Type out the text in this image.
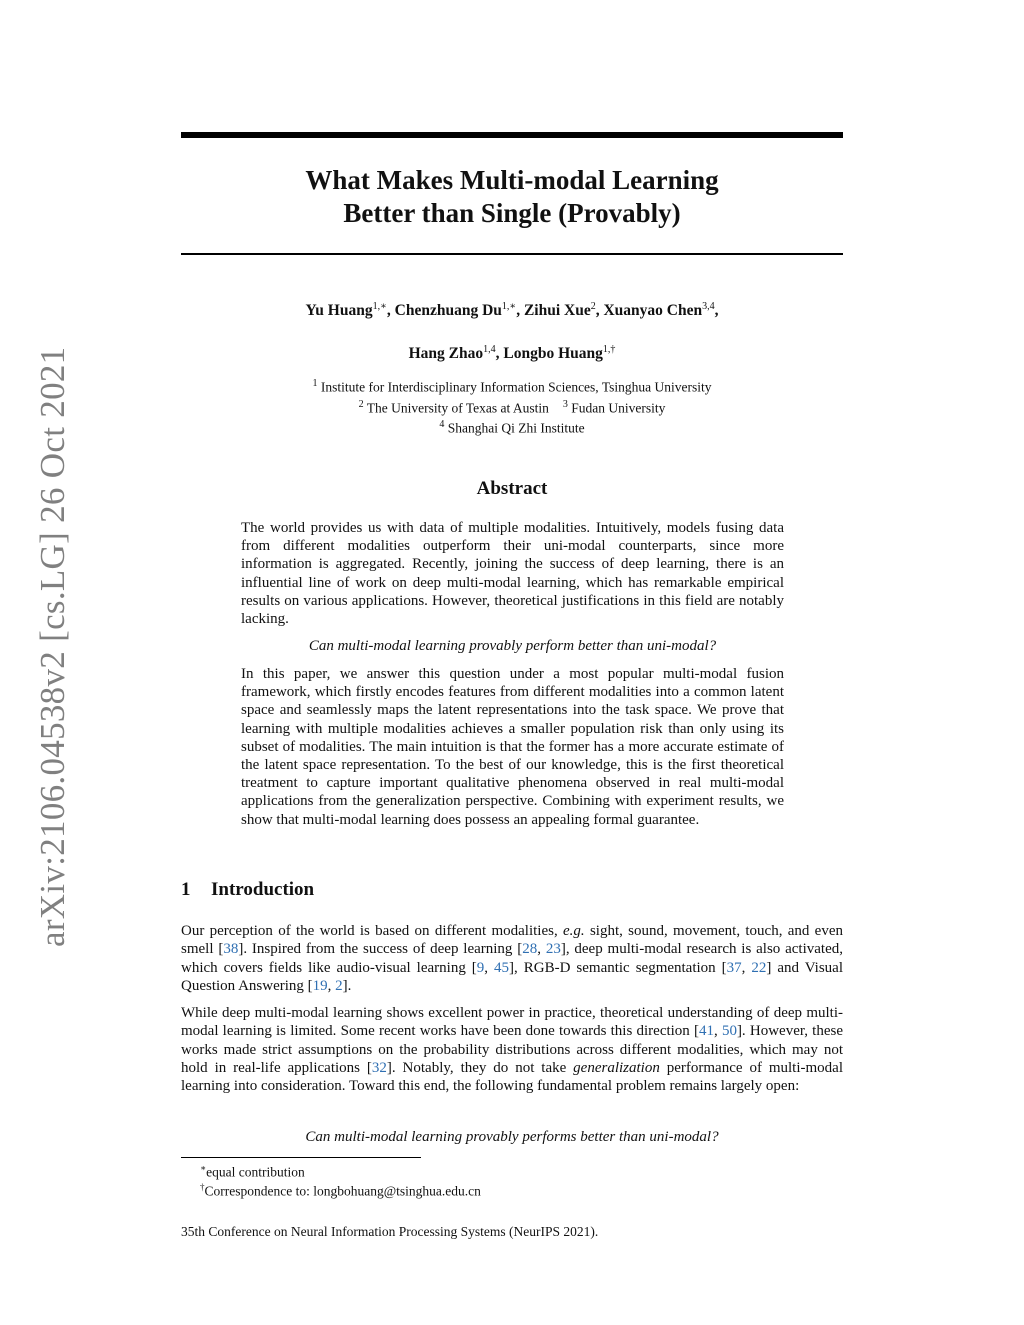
arXiv:2106.04538v2 [cs.LG] 26 Oct 2021
What Makes Multi-modal Learning
Better than Single (Provably)
Yu Huang$^{1,∗}$, Chenzhuang $Du^{1,∗}$, Zihui Xue$^2$, Xuanyao Chen$^{3,4}$,
Hang Zhao$^{1,4}$, Longbo Huang$^{1,\dagger}$
$^1$ Institute for Interdisciplinary Information Sciences, Tsinghua University
$^2$ The University of Texas at Austin $^3$ Fudan University
$^4$ Shanghai Qi Zhi Institute
Abstract
The world provides us with data of multiple modalities. Intuitively, models fusing data from different modalities outperform their uni-modal counterparts, since more information is aggregated. Recently, joining the success of deep learning, there is an influential line of work on deep multi-modal learning, which has remarkable empirical results on various applications. However, theoretical justifications in this field are notably lacking.
Can multi-modal learning provably perform better than uni-modal?
In this paper, we answer this question under a most popular multi-modal fusion framework, which firstly encodes features from different modalities into a common latent space and seamlessly maps the latent representations into the task space. We prove that learning with multiple modalities achieves a smaller population risk than only using its subset of modalities. The main intuition is that the former has a more accurate estimate of the latent space representation. To the best of our knowledge, this is the first theoretical treatment to capture important qualitative phenomena observed in real multi-modal applications from the generalization perspective. Combining with experiment results, we show that multi-modal learning does possess an appealing formal guarantee.
1 Introduction
Our perception of the world is based on different modalities, e.g. sight, sound, movement, touch, and even smell [38]. Inspired from the success of deep learning [28, 23], deep multi-modal research is also activated, which covers fields like audio-visual learning [9, 45], RGB-D semantic segmentation [37, 22] and Visual Question Answering [19, 2].
While deep multi-modal learning shows excellent power in practice, theoretical understanding of deep multi-modal learning is limited. Some recent works have been done towards this direction [41, 50]. However, these works made strict assumptions on the probability distributions across different modalities, which may not hold in real-life applications [32]. Notably, they do not take generalization performance of multi-modal learning into consideration. Toward this end, the following fundamental problem remains largely open:
Can multi-modal learning provably performs better than uni-modal?
∗equal contribution
†Correspondence to: longbohuang@tsinghua.edu.cn
35th Conference on Neural Information Processing Systems (NeurIPS 2021).
